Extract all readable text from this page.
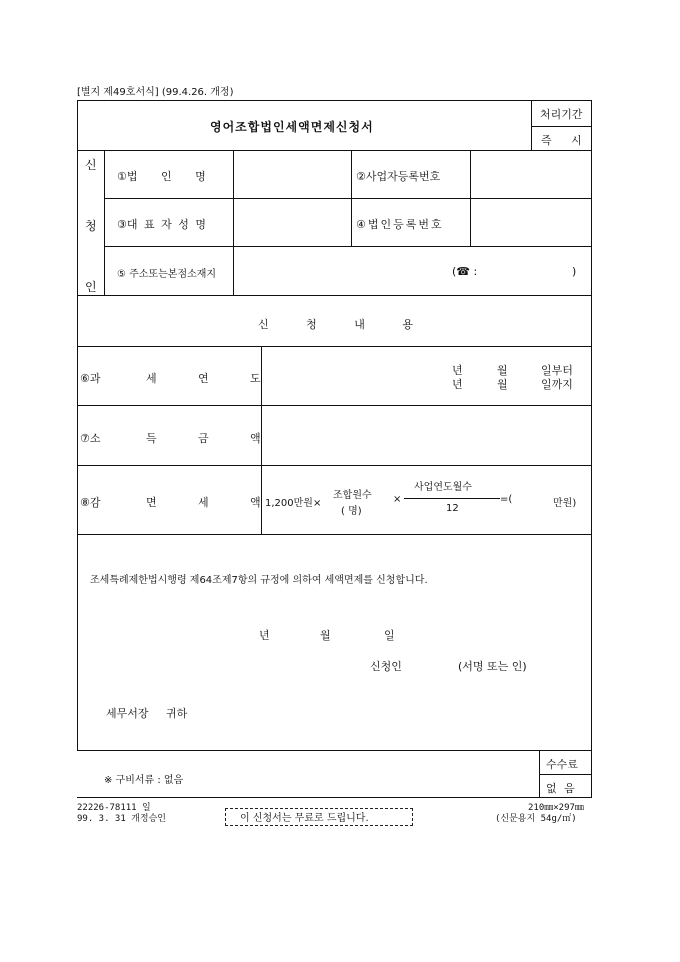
[별지 제49호서식] (99.4.26. 개정)
영어조합법인세액면제신청서
처리기간
즉 시
신
청
인
①법 인 명	②사업자등록번호
③대 표 자 성 명	④법인등록번호
⑤ 주소또는본점소재지	(☎ :	)
신 청 내 용
⑥과	세	연	도
년	월	일부터
년	월	일까지
⑦소	득	금	액
⑧감	면	세	액 1,200만원×
조합원수
( 명)
×
사업연도월수
12
=(	만원)
조세특례제한법시행령 제64조제7항의 규정에 의하여 세액면제를 신청합니다.
년	월	일
신청인	(서명 또는 인)
세무서장 귀하
※ 구비서류 : 없음
수수료
없 음
22226-78111 일
99. 3. 31 개정승인	이 신청서는 무료로 드립니다.
210㎜×297㎜
(신문용지 54g/㎡)
